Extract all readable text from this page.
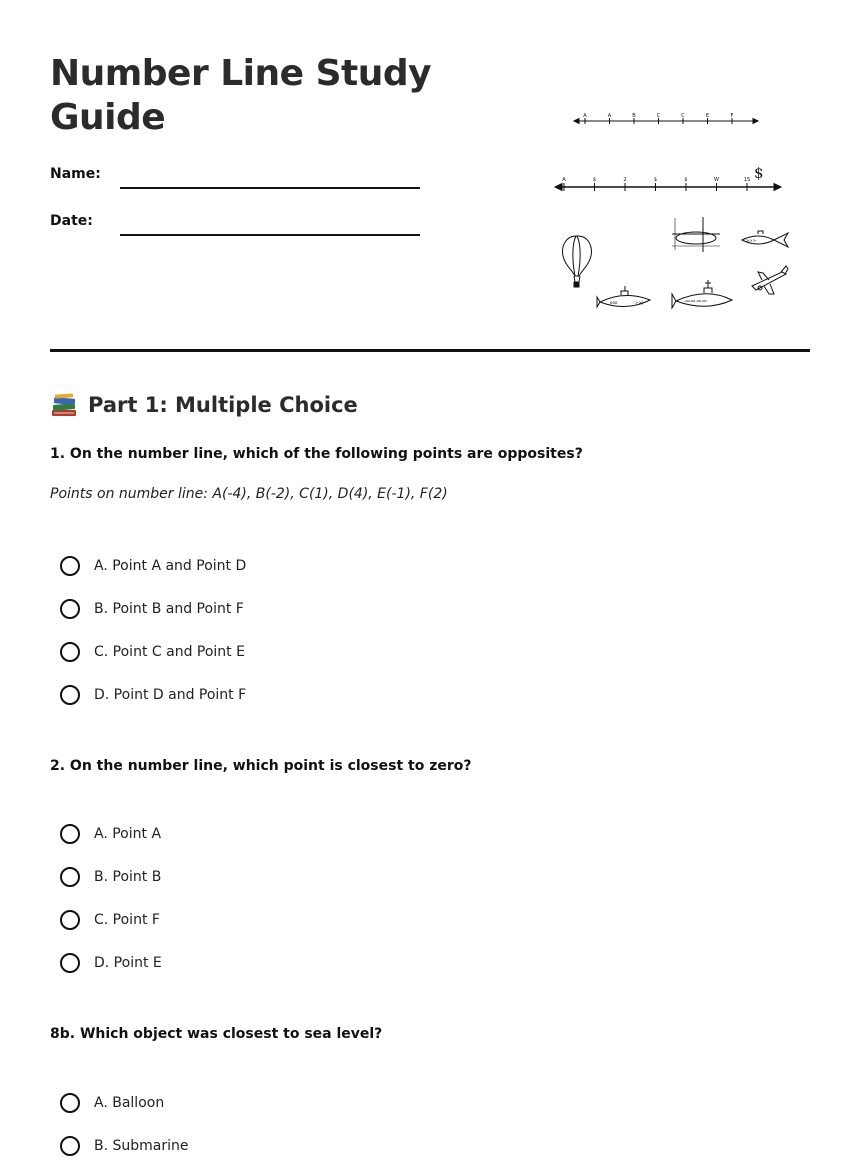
Number Line Study Guide
Name:
Date:
A	A	B	C	C	E	F
A	$	2	$	$	W	15 $
>>>
ooo	>>|	-oo-oo-oo-oo
Part 1: Multiple Choice
1. On the number line, which of the following points are opposites?
Points on number line: A(-4), B(-2), C(1), D(4), E(-1), F(2)
A. Point A and Point D
B. Point B and Point F
C. Point C and Point E
D. Point D and Point F
2. On the number line, which point is closest to zero?
A. Point A
B. Point B
C. Point F
D. Point E
8b. Which object was closest to sea level?
A. Balloon
B. Submarine
